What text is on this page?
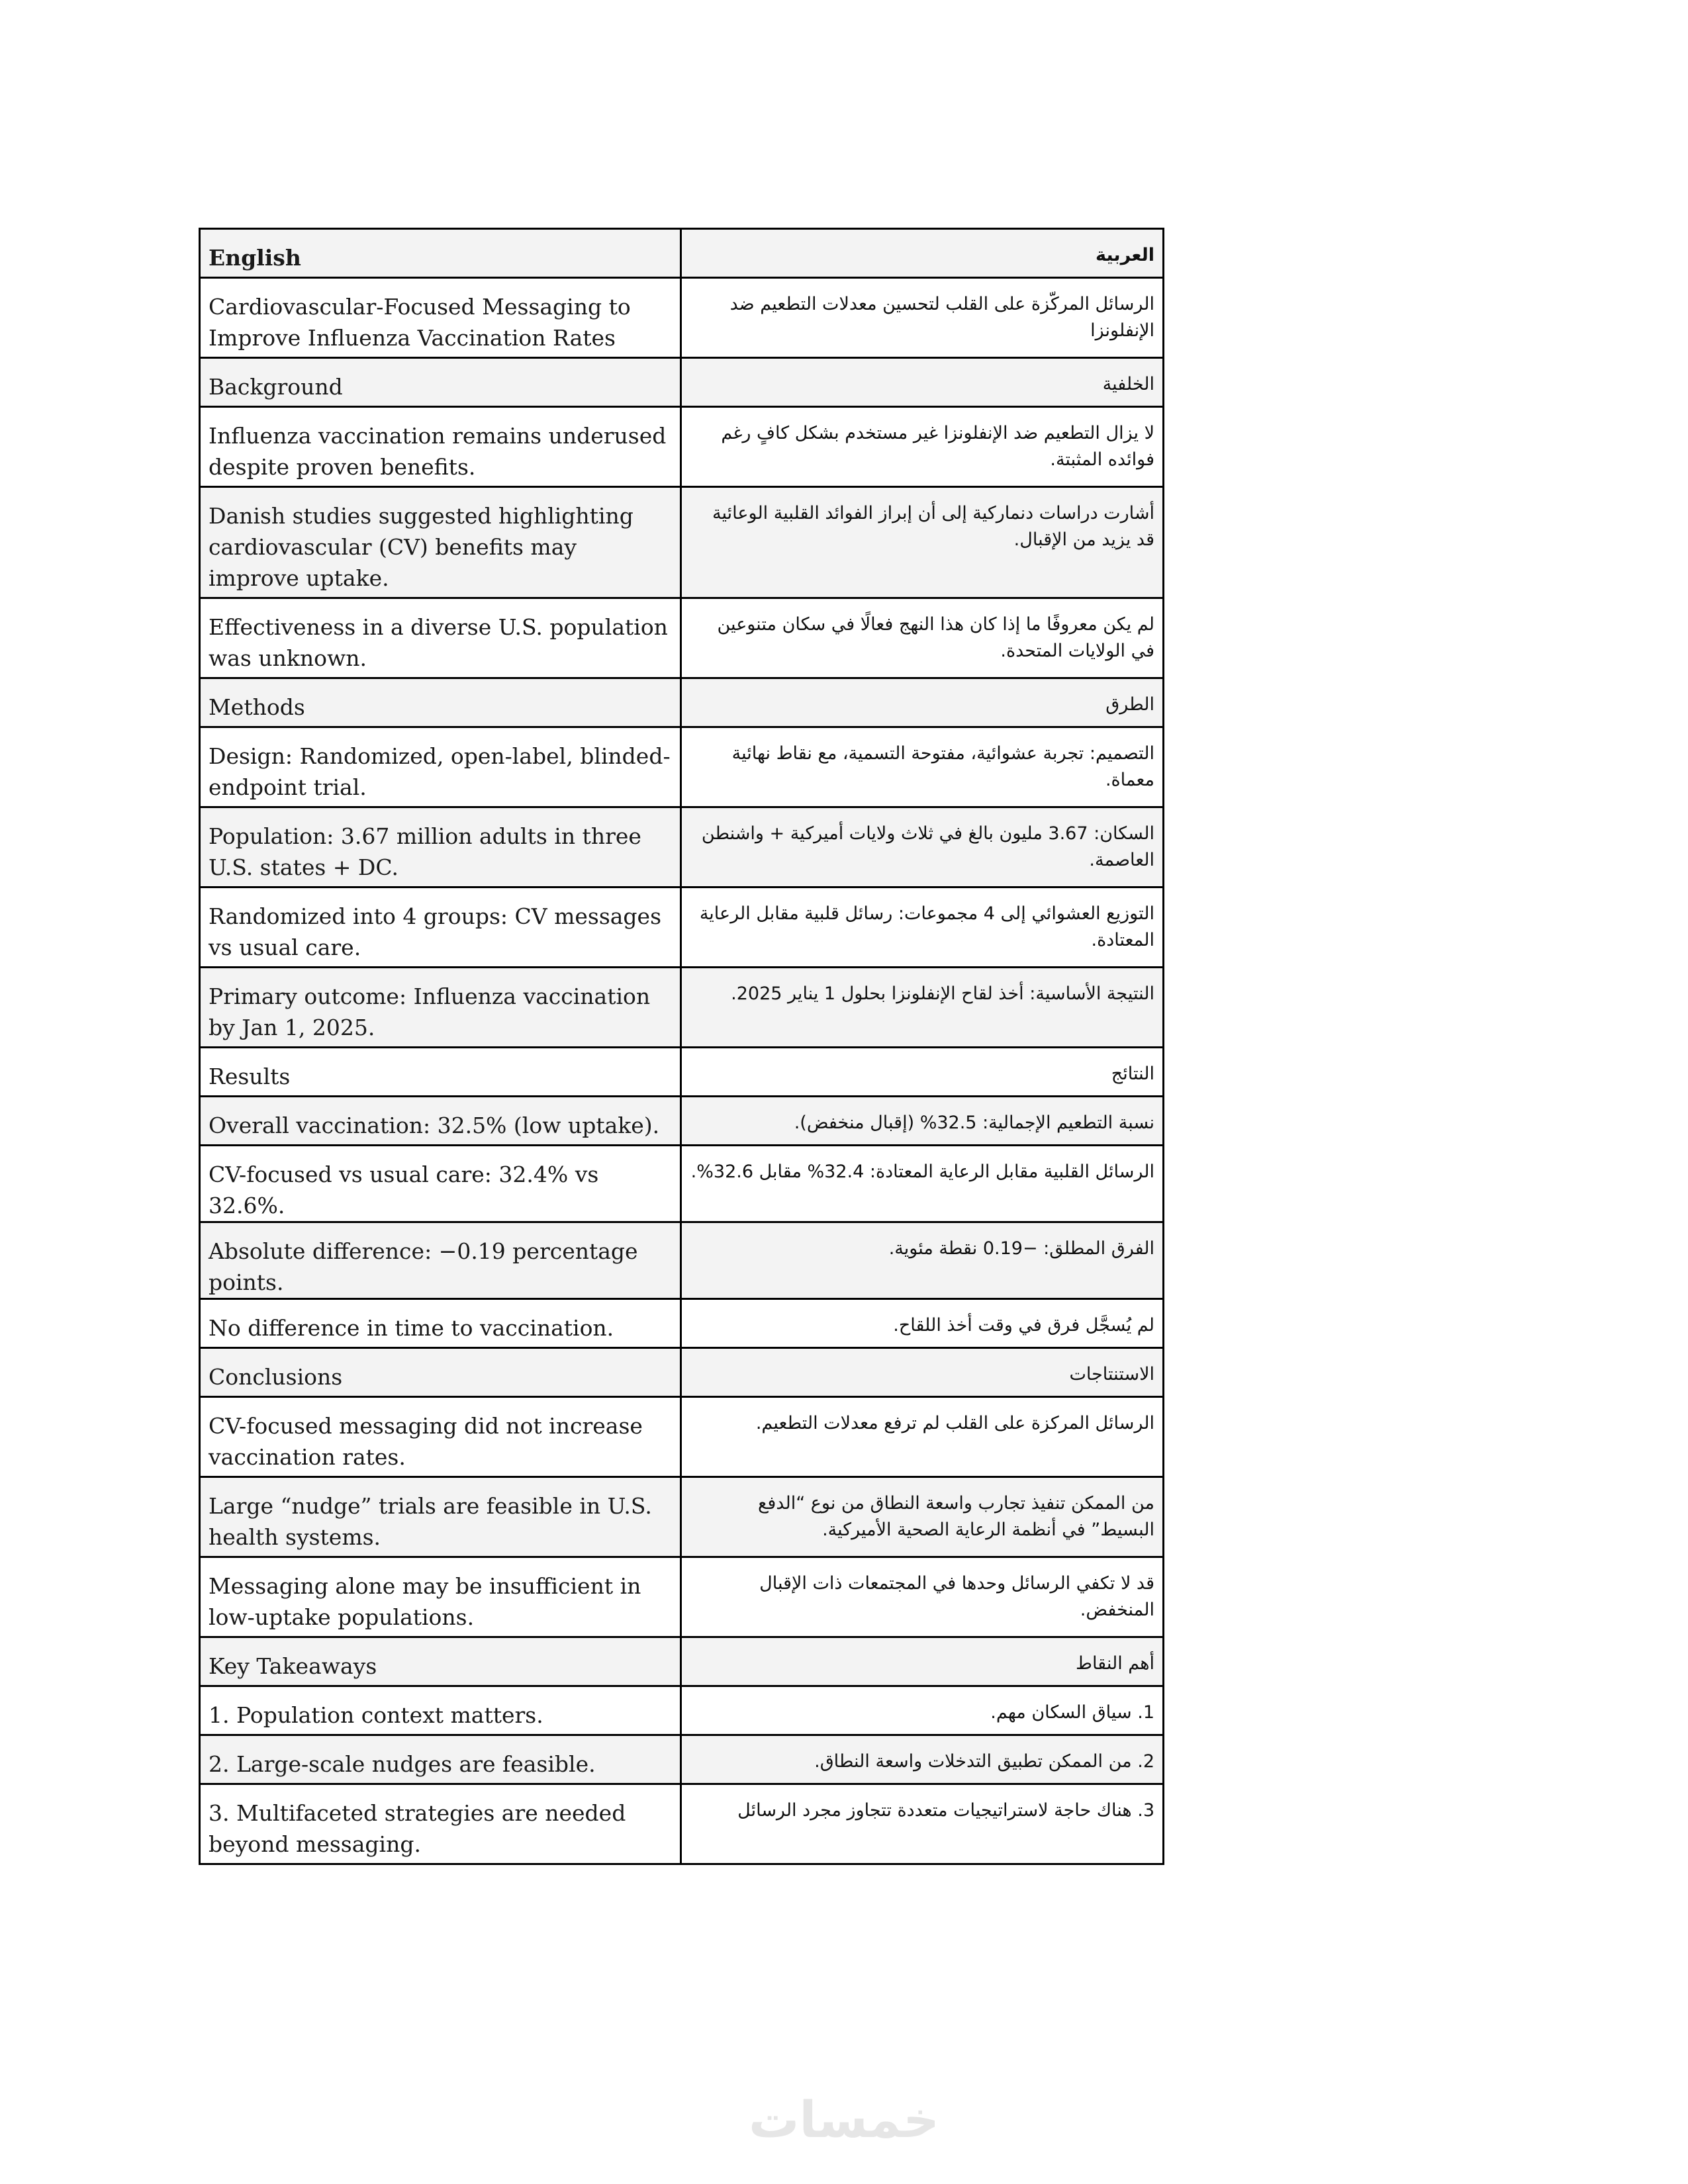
English	العربية
Cardiovascular-Focused Messaging to Improve Influenza Vaccination Rates	الرسائل المركّزة على القلب لتحسين معدلات التطعيم ضد الإنفلونزا
Background	الخلفية
Influenza vaccination remains underused despite proven benefits.	لا يزال التطعيم ضد الإنفلونزا غير مستخدم بشكل كافٍ رغم فوائده المثبتة.
Danish studies suggested highlighting cardiovascular (CV) benefits may improve uptake.	أشارت دراسات دنماركية إلى أن إبراز الفوائد القلبية الوعائية قد يزيد من الإقبال.
Effectiveness in a diverse U.S. population was unknown.	لم يكن معروفًا ما إذا كان هذا النهج فعالًا في سكان متنوعين في الولايات المتحدة.
Methods	الطرق
Design: Randomized, open-label, blinded-endpoint trial.	التصميم: تجربة عشوائية، مفتوحة التسمية، مع نقاط نهائية معماة.
Population: 3.67 million adults in three U.S. states + DC.	السكان: 3.67 مليون بالغ في ثلاث ولايات أميركية + واشنطن العاصمة.
Randomized into 4 groups: CV messages vs usual care.	التوزيع العشوائي إلى 4 مجموعات: رسائل قلبية مقابل الرعاية المعتادة.
Primary outcome: Influenza vaccination by Jan 1, 2025.	النتيجة الأساسية: أخذ لقاح الإنفلونزا بحلول 1 يناير 2025.
Results	النتائج
Overall vaccination: 32.5% (low uptake).	نسبة التطعيم الإجمالية: 32.5% (إقبال منخفض).
CV-focused vs usual care: 32.4% vs 32.6%.	الرسائل القلبية مقابل الرعاية المعتادة: 32.4% مقابل 32.6%.
Absolute difference: −0.19 percentage points.	الفرق المطلق: −0.19 نقطة مئوية.
No difference in time to vaccination.	لم يُسجَّل فرق في وقت أخذ اللقاح.
Conclusions	الاستنتاجات
CV-focused messaging did not increase vaccination rates.	الرسائل المركزة على القلب لم ترفع معدلات التطعيم.
Large “nudge” trials are feasible in U.S. health systems.	من الممكن تنفيذ تجارب واسعة النطاق من نوع “الدفع البسيط” في أنظمة الرعاية الصحية الأميركية.
Messaging alone may be insufficient in low-uptake populations.	قد لا تكفي الرسائل وحدها في المجتمعات ذات الإقبال المنخفض.
Key Takeaways	أهم النقاط
1. Population context matters.	1. سياق السكان مهم.
2. Large-scale nudges are feasible.	2. من الممكن تطبيق التدخلات واسعة النطاق.
3. Multifaceted strategies are needed beyond messaging.	3. هناك حاجة لاستراتيجيات متعددة تتجاوز مجرد الرسائل
خمسات
